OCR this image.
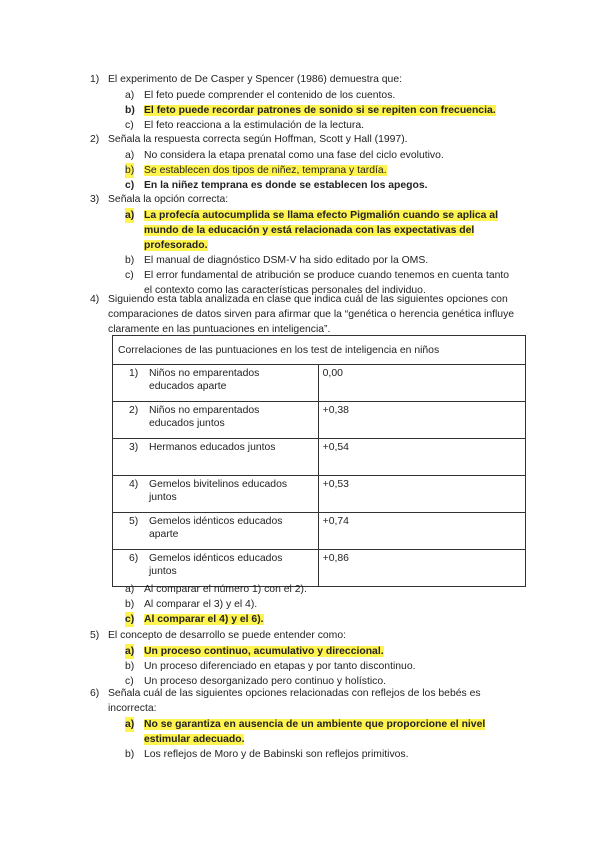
1) El experimento de De Casper y Spencer (1986) demuestra que:
a) El feto puede comprender el contenido de los cuentos.
b) El feto puede recordar patrones de sonido si se repiten con frecuencia.
c) El feto reacciona a la estimulación de la lectura.
2) Señala la respuesta correcta según Hoffman, Scott y Hall (1997).
a) No considera la etapa prenatal como una fase del ciclo evolutivo.
b) Se establecen dos tipos de niñez, temprana y tardía.
c) En la niñez temprana es donde se establecen los apegos.
3) Señala la opción correcta:
a) La profecía autocumplida se llama efecto Pigmalión cuando se aplica al mundo de la educación y está relacionada con las expectativas del profesorado.
b) El manual de diagnóstico DSM-V ha sido editado por la OMS.
c) El error fundamental de atribución se produce cuando tenemos en cuenta tanto el contexto como las características personales del individuo.
4) Siguiendo esta tabla analizada en clase que indica cuál de las siguientes opciones con comparaciones de datos sirven para afirmar que la “genética o herencia genética influye claramente en las puntuaciones en inteligencia”.
Correlaciones de las puntuaciones en los test de inteligencia en niños	
1) Niños no emparentados educados aparte	0,00
2) Niños no emparentados educados juntos	+0,38
3) Hermanos educados juntos	+0,54
4) Gemelos bivitelinos educados juntos	+0,53
5) Gemelos idénticos educados aparte	+0,74
6) Gemelos idénticos educados juntos	+0,86
a) Al comparar el número 1) con el 2).
b) Al comparar el 3) y el 4).
c) Al comparar el 4) y el 6).
5) El concepto de desarrollo se puede entender como:
a) Un proceso continuo, acumulativo y direccional.
b) Un proceso diferenciado en etapas y por tanto discontinuo.
c) Un proceso desorganizado pero continuo y holístico.
6) Señala cuál de las siguientes opciones relacionadas con reflejos de los bebés es incorrecta:
a) No se garantiza en ausencia de un ambiente que proporcione el nivel estimular adecuado.
b) Los reflejos de Moro y de Babinski son reflejos primitivos.
